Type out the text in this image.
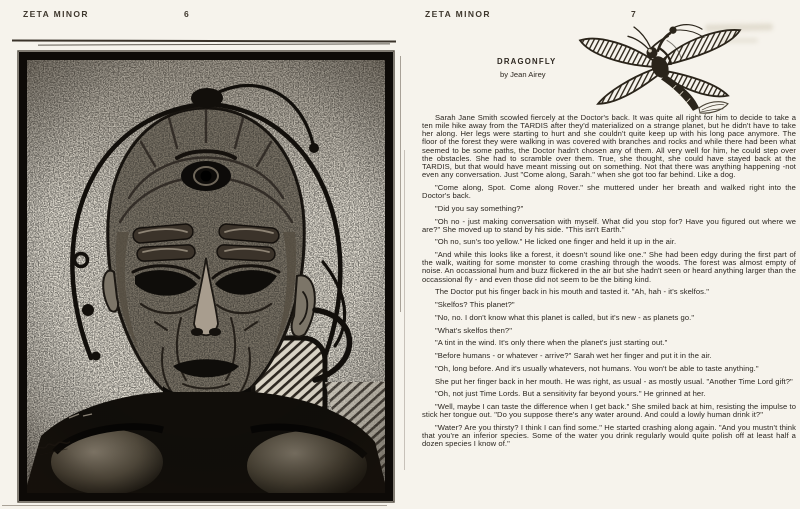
ZETA MINOR	6	ZETA MINOR	7
DRAGONFLY
by Jean Airey

Sarah Jane Smith scowled fiercely at the Doctor's back. It was quite all right for him to decide to take a ten mile hike away from the TARDIS after they'd materialized on a strange planet, but he didn't have to take her along. Her legs were starting to hurt and she couldn't quite keep up with his long pace anymore. The floor of the forest they were walking in was covered with branches and rocks and while there had been what seemed to be some paths, the Doctor hadn't chosen any of them. All very well for him, he could step over the obstacles. She had to scramble over them. True, she thought, she could have stayed back at the TARDIS, but that would have meant missing out on something. Not that there was anything happening -not even any conversation. Just "Come along, Sarah." when she got too far behind. Like a dog.

"Come along, Spot. Come along Rover." she muttered under her breath and walked right into the Doctor's back.

"Did you say something?"

"Oh no - just making conversation with myself. What did you stop for? Have you figured out where we are?" She moved up to stand by his side. "This isn't Earth."

"Oh no, sun's too yellow." He licked one finger and held it up in the air.

"And while this looks like a forest, it doesn't sound like one." She had been edgy during the first part of the walk, waiting for some monster to come crashing through the woods. The forest was almost empty of noise. An occassional hum and buzz flickered in the air but she hadn't seen or heard anything larger than the occassional fly - and even those did not seem to be the biting kind.

The Doctor put his finger back in his mouth and tasted it. "Ah, hah - it's skelfos."

"Skelfos? This planet?"

"No, no. I don't know what this planet is called, but it's new - as planets go."

"What's skelfos then?"

"A tint in the wind. It's only there when the planet's just starting out."

"Before humans - or whatever - arrive?" Sarah wet her finger and put it in the air.

"Oh, long before. And it's usually whatevers, not humans. You won't be able to taste anything."

She put her finger back in her mouth. He was right, as usual - as mostly usual. "Another Time Lord gift?"

"Oh, not just Time Lords. But a sensitivity far beyond yours." He grinned at her.

"Well, maybe I can taste the difference when I get back." She smiled back at him, resisting the impulse to stick her tongue out. "Do you suppose there's any water around. And could a lowly human drink it?"

"Water? Are you thirsty? I think I can find some." He started crashing along again. "And you mustn't think that you're an inferior species. Some of the water you drink regularly would quite polish off at least half a dozen species I know of."
